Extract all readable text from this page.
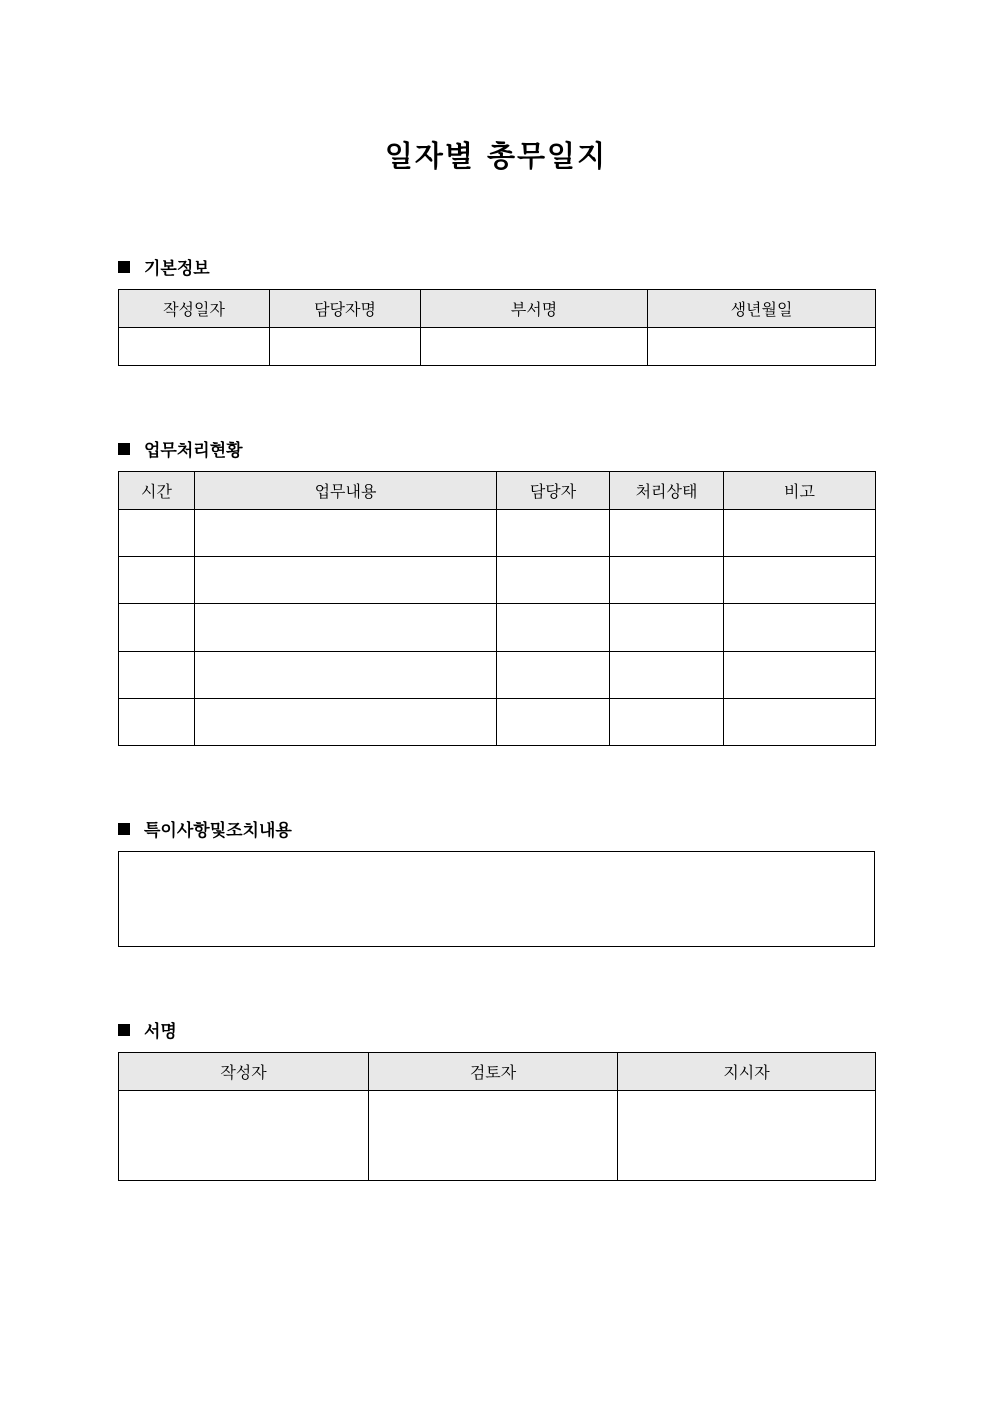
일자별 총무일지
기본정보
작성일자	담당자명	부서명	생년월일

업무처리현황
시간	업무내용	담당자	처리상태	비고

특이사항및조치내용
서명
작성자	검토자	지시자
